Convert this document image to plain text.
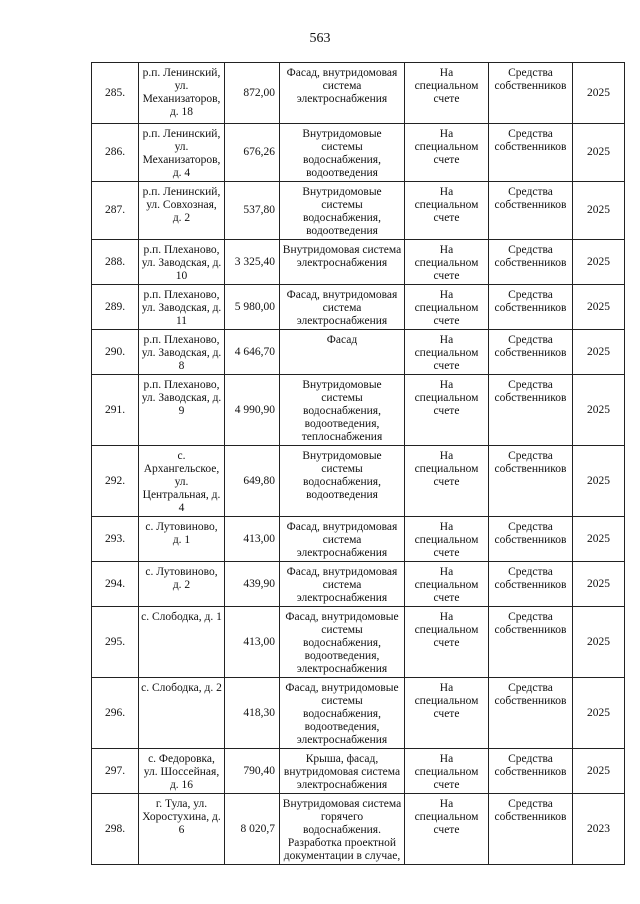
563
285.	р.п. Ленинский, ул. Механизаторов, д. 18	872,00	Фасад, внутридомовая система электроснабжения	На специальном счете	Средства собственников	2025
286.	р.п. Ленинский, ул. Механизаторов, д. 4	676,26	Внутридомовые системы водоснабжения, водоотведения	На специальном счете	Средства собственников	2025
287.	р.п. Ленинский, ул. Совхозная, д. 2	537,80	Внутридомовые системы водоснабжения, водоотведения	На специальном счете	Средства собственников	2025
288.	р.п. Плеханово, ул. Заводская, д. 10	3 325,40	Внутридомовая система электроснабжения	На специальном счете	Средства собственников	2025
289.	р.п. Плеханово, ул. Заводская, д. 11	5 980,00	Фасад, внутридомовая система электроснабжения	На специальном счете	Средства собственников	2025
290.	р.п. Плеханово, ул. Заводская, д. 8	4 646,70	Фасад	На специальном счете	Средства собственников	2025
291.	р.п. Плеханово, ул. Заводская, д. 9	4 990,90	Внутридомовые системы водоснабжения, водоотведения, теплоснабжения	На специальном счете	Средства собственников	2025
292.	с. Архангельское, ул. Центральная, д. 4	649,80	Внутридомовые системы водоснабжения, водоотведения	На специальном счете	Средства собственников	2025
293.	с. Лутовиново, д. 1	413,00	Фасад, внутридомовая система электроснабжения	На специальном счете	Средства собственников	2025
294.	с. Лутовиново, д. 2	439,90	Фасад, внутридомовая система электроснабжения	На специальном счете	Средства собственников	2025
295.	с. Слободка, д. 1	413,00	Фасад, внутридомовые системы водоснабжения, водоотведения, электроснабжения	На специальном счете	Средства собственников	2025
296.	с. Слободка, д. 2	418,30	Фасад, внутридомовые системы водоснабжения, водоотведения, электроснабжения	На специальном счете	Средства собственников	2025
297.	с. Федоровка, ул. Шоссейная, д. 16	790,40	Крыша, фасад, внутридомовая система электроснабжения	На специальном счете	Средства собственников	2025
298.	г. Тула, ул. Хоростухина, д. 6	8 020,7	Внутридомовая система горячего водоснабжения. Разработка проектной документации в случае,	На специальном счете	Средства собственников	2023
